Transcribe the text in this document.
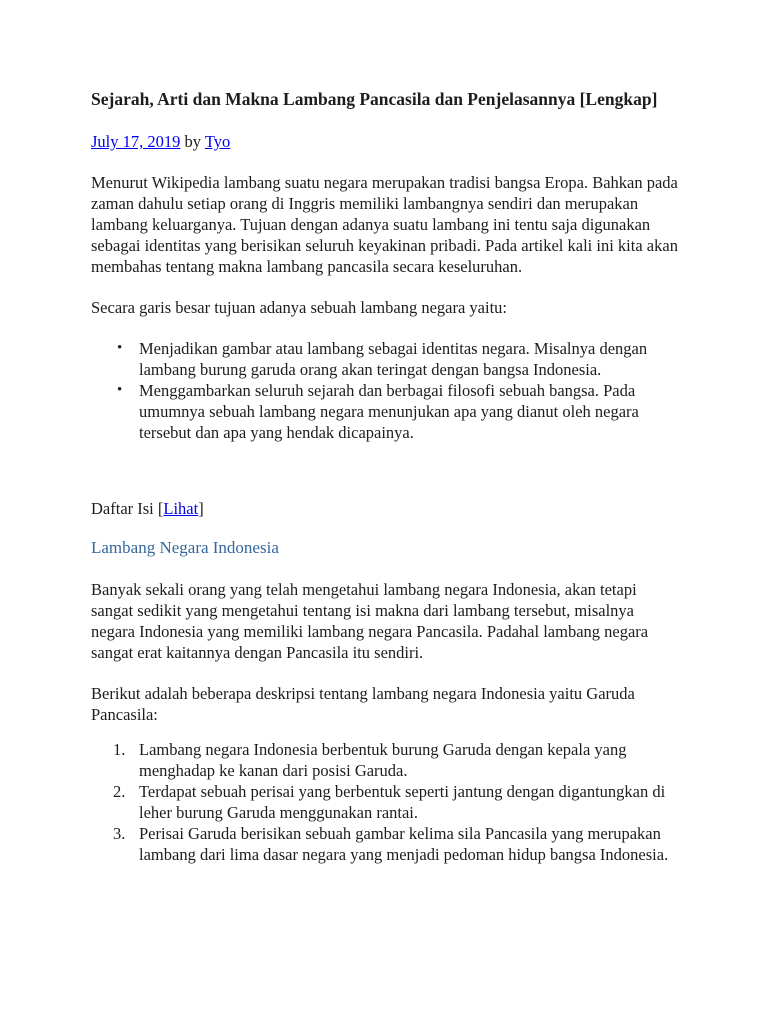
Sejarah, Arti dan Makna Lambang Pancasila dan Penjelasannya [Lengkap]
July 17, 2019 by Tyo

Menurut Wikipedia lambang suatu negara merupakan tradisi bangsa Eropa. Bahkan pada zaman dahulu setiap orang di Inggris memiliki lambangnya sendiri dan merupakan lambang keluarganya. Tujuan dengan adanya suatu lambang ini tentu saja digunakan sebagai identitas yang berisikan seluruh keyakinan pribadi. Pada artikel kali ini kita akan membahas tentang makna lambang pancasila secara keseluruhan.

Secara garis besar tujuan adanya sebuah lambang negara yaitu:

• Menjadikan gambar atau lambang sebagai identitas negara. Misalnya dengan lambang burung garuda orang akan teringat dengan bangsa Indonesia.
• Menggambarkan seluruh sejarah dan berbagai filosofi sebuah bangsa. Pada umumnya sebuah lambang negara menunjukan apa yang dianut oleh negara tersebut dan apa yang hendak dicapainya.
Daftar Isi [Lihat]
Lambang Negara Indonesia

Banyak sekali orang yang telah mengetahui lambang negara Indonesia, akan tetapi sangat sedikit yang mengetahui tentang isi makna dari lambang tersebut, misalnya negara Indonesia yang memiliki lambang negara Pancasila. Padahal lambang negara sangat erat kaitannya dengan Pancasila itu sendiri.

Berikut adalah beberapa deskripsi tentang lambang negara Indonesia yaitu Garuda Pancasila:

Lambang negara Indonesia berbentuk burung Garuda dengan kepala yang menghadap ke kanan dari posisi Garuda.
Terdapat sebuah perisai yang berbentuk seperti jantung dengan digantungkan di leher burung Garuda menggunakan rantai.
Perisai Garuda berisikan sebuah gambar kelima sila Pancasila yang merupakan lambang dari lima dasar negara yang menjadi pedoman hidup bangsa Indonesia.
